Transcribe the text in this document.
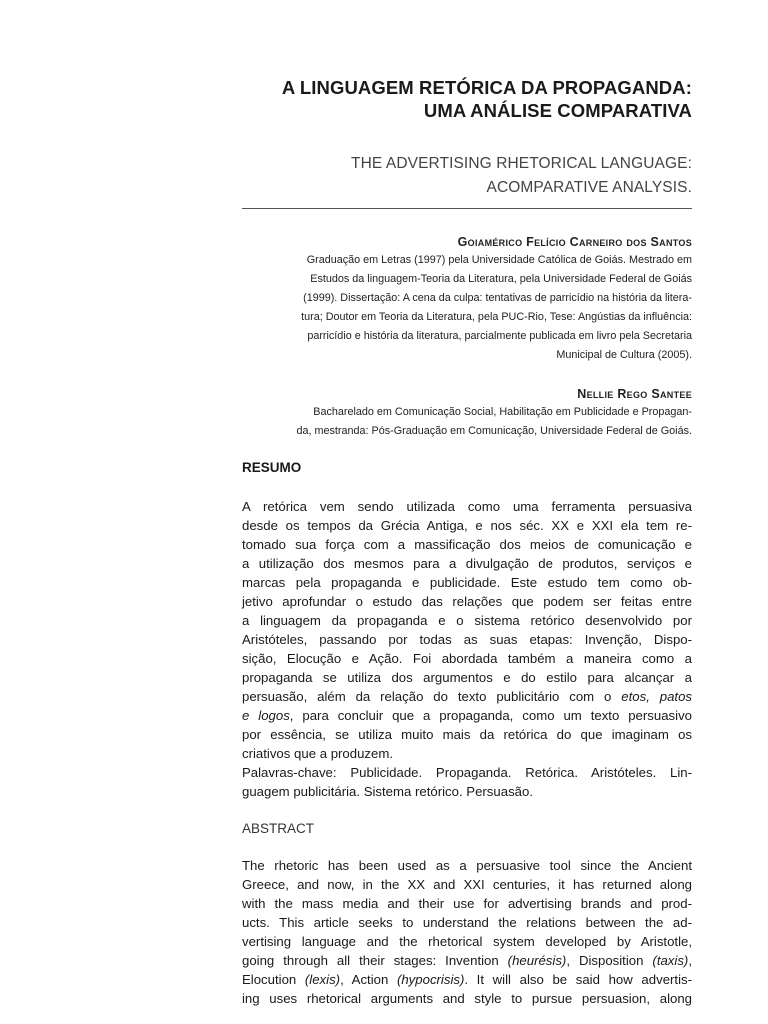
A LINGUAGEM RETÓRICA DA PROPAGANDA:
UMA ANÁLISE COMPARATIVA
THE ADVERTISING RHETORICAL LANGUAGE:
ACOMPARATIVE ANALYSIS.
Goiamérico Felício Carneiro dos Santos
Graduação em Letras (1997) pela Universidade Católica de Goiás. Mestrado em
Estudos da linguagem-Teoria da Literatura, pela Universidade Federal de Goiás
(1999). Dissertação: A cena da culpa: tentativas de parricídio na história da litera-
tura; Doutor em Teoria da Literatura, pela PUC-Rio, Tese: Angústias da influência:
parricídio e história da literatura, parcialmente publicada em livro pela Secretaria
Municipal de Cultura (2005).
Nellie Rego Santee
Bacharelado em Comunicação Social, Habilitação em Publicidade e Propagan-
da, mestranda: Pós-Graduação em Comunicação, Universidade Federal de Goiás.
RESUMO
A retórica vem sendo utilizada como uma ferramenta persuasiva
desde os tempos da Grécia Antiga, e nos séc. XX e XXI ela tem re-
tomado sua força com a massificação dos meios de comunicação e
a utilização dos mesmos para a divulgação de produtos, serviços e
marcas pela propaganda e publicidade. Este estudo tem como ob-
jetivo aprofundar o estudo das relações que podem ser feitas entre
a linguagem da propaganda e o sistema retórico desenvolvido por
Aristóteles, passando por todas as suas etapas: Invenção, Dispo-
sição, Elocução e Ação. Foi abordada também a maneira como a
propaganda se utiliza dos argumentos e do estilo para alcançar a
persuasão, além da relação do texto publicitário com o etos, patos
e logos, para concluir que a propaganda, como um texto persuasivo
por essência, se utiliza muito mais da retórica do que imaginam os
criativos que a produzem.
Palavras-chave: Publicidade. Propaganda. Retórica. Aristóteles. Lin-
guagem publicitária. Sistema retórico. Persuasão.
ABSTRACT
The rhetoric has been used as a persuasive tool since the Ancient
Greece, and now, in the XX and XXI centuries, it has returned along
with the mass media and their use for advertising brands and prod-
ucts. This article seeks to understand the relations between the ad-
vertising language and the rhetorical system developed by Aristotle,
going through all their stages: Invention (heurésis), Disposition (taxis),
Elocution (lexis), Action (hypocrisis). It will also be said how advertis-
ing uses rhetorical arguments and style to pursue persuasion, along
